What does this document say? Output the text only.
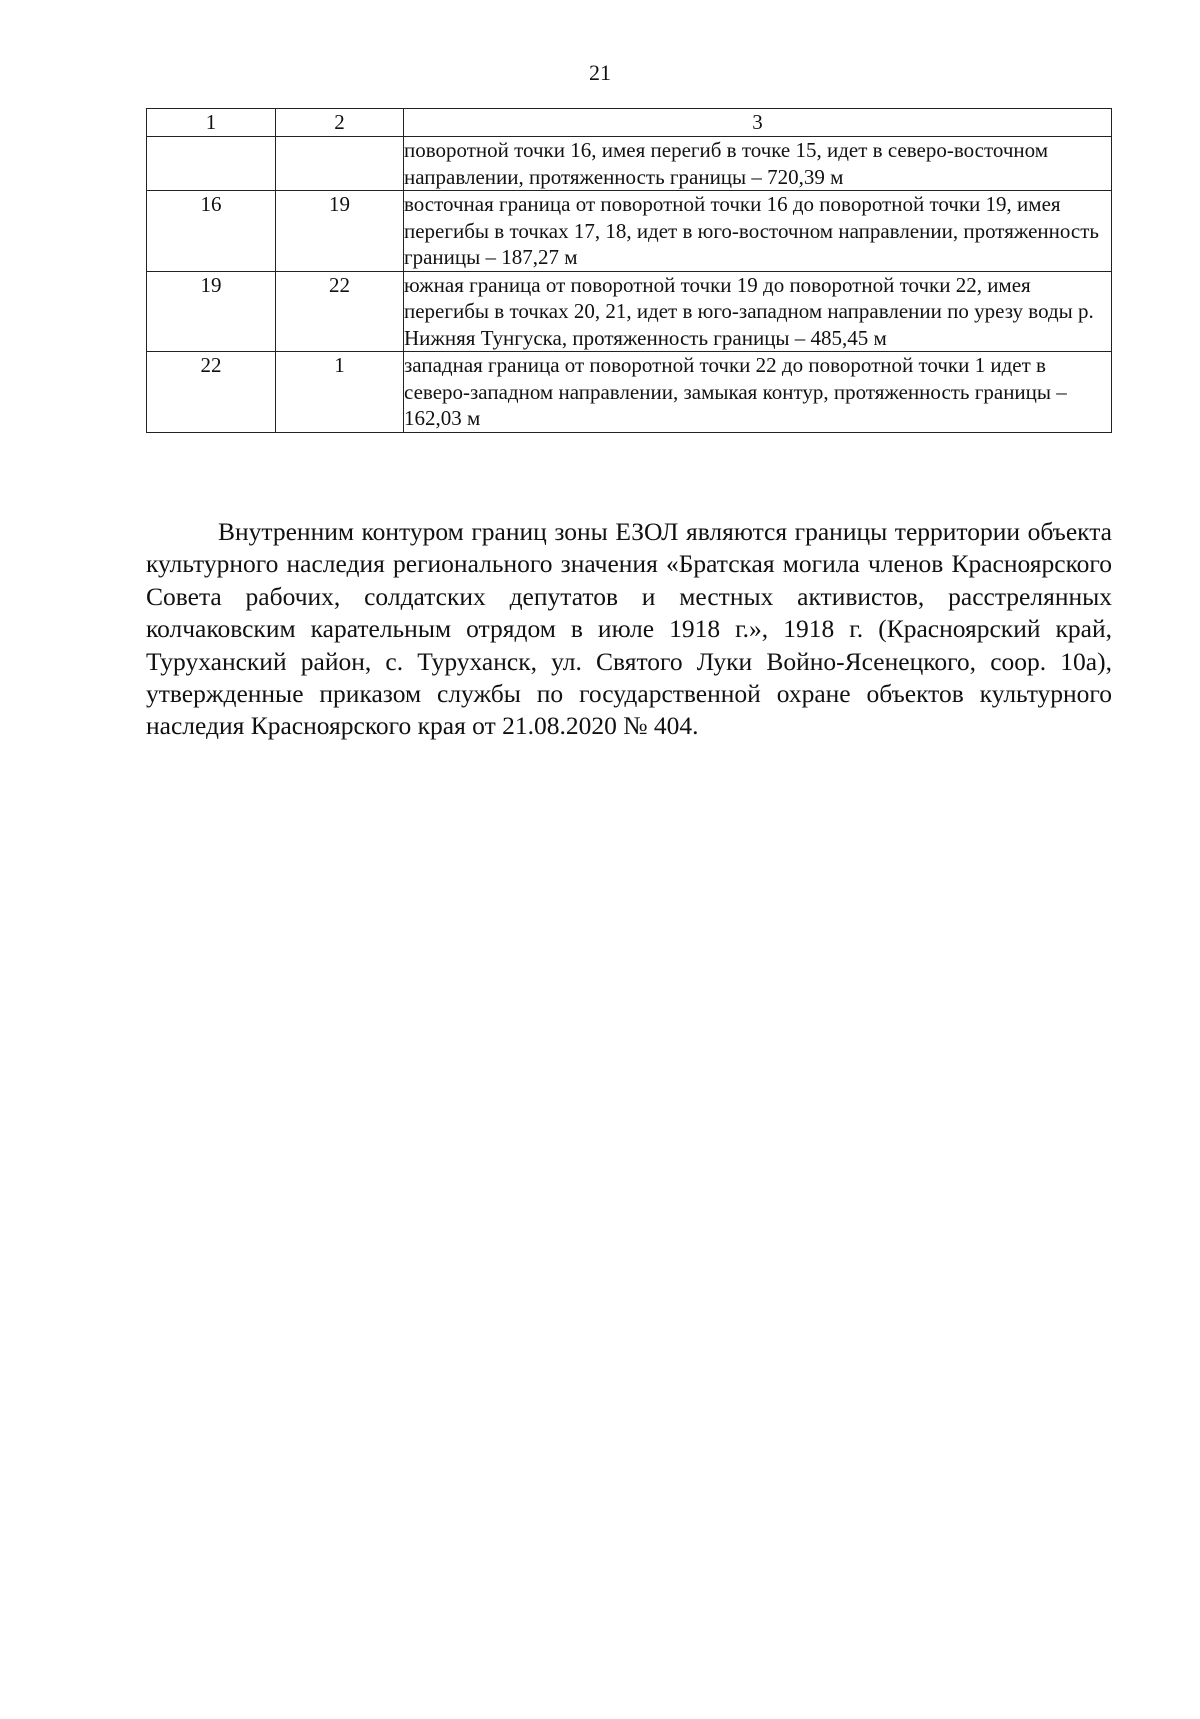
21
1	2	3
		поворотной точки 16, имея перегиб в точке 15, идет в северо-восточном направлении, протяженность границы – 720,39 м
16	19	восточная граница от поворотной точки 16 до поворотной точки 19, имея перегибы в точках 17, 18, идет в юго-восточном направлении, протяженность границы – 187,27 м
19	22	южная граница от поворотной точки 19 до поворотной точки 22, имея перегибы в точках 20, 21, идет в юго-западном направлении по урезу воды р. Нижняя Тунгуска, протяженность границы – 485,45 м
22	1	западная граница от поворотной точки 22 до поворотной точки 1 идет в северо-западном направлении, замыкая контур, протяженность границы – 162,03 м

Внутренним контуром границ зоны ЕЗОЛ являются границы территории объекта культурного наследия регионального значения «Братская могила членов Красноярского Совета рабочих, солдатских депутатов и местных активистов, расстрелянных колчаковским карательным отрядом в июле 1918 г.», 1918 г. (Красноярский край, Туруханский район, с. Туруханск, ул. Святого Луки Войно-Ясенецкого, соор. 10а), утвержденные приказом службы по государственной охране объектов культурного наследия Красноярского края от 21.08.2020 № 404.
